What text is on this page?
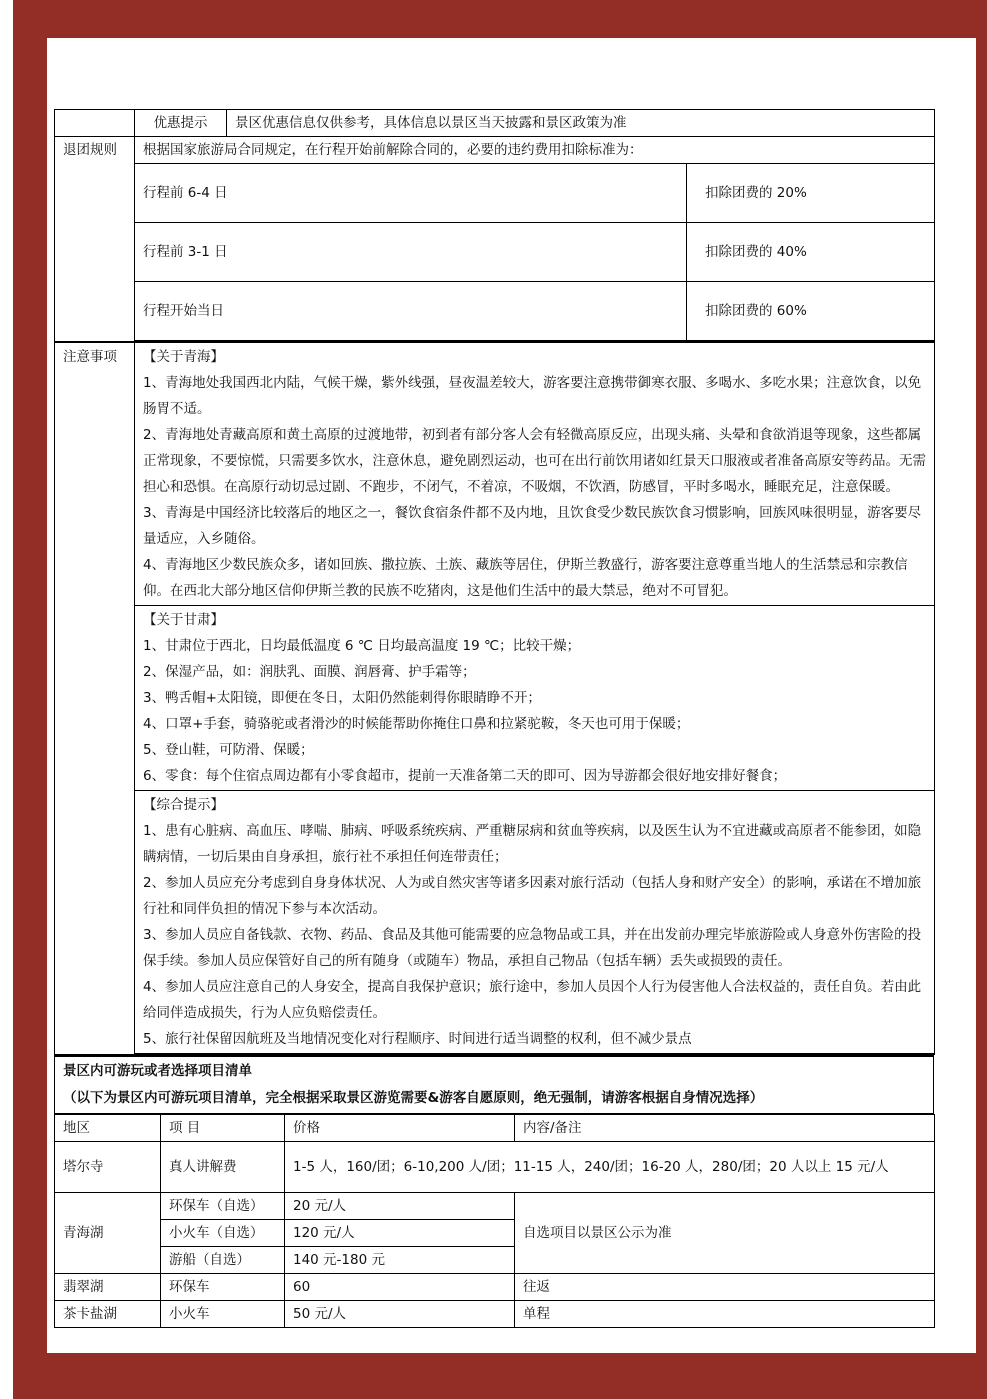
	优惠提示	景区优惠信息仅供参考，具体信息以景区当天披露和景区政策为准	
退团规则	根据国家旅游局合同规定，在行程开始前解除合同的，必要的违约费用扣除标准为：		
	行程前 6-4 日		扣除团费的 20%
	行程前 3-1 日		扣除团费的 40%
	行程开始当日		扣除团费的 60%
注意事项	【关于青海】

1、青海地处我国西北内陆，气候干燥，紫外线强，昼夜温差较大，游客要注意携带御寒衣服、多喝水、多吃水果；注意饮食，以免肠胃不适。

2、青海地处青藏高原和黄土高原的过渡地带，初到者有部分客人会有轻微高原反应，出现头痛、头晕和食欲消退等现象，这些都属正常现象，不要惊慌，只需要多饮水，注意休息，避免剧烈运动，也可在出行前饮用诸如红景天口服液或者准备高原安等药品。无需担心和恐惧。在高原行动切忌过剧、不跑步，不闭气，不着凉，不吸烟，不饮酒，防感冒，平时多喝水，睡眠充足，注意保暖。

3、青海是中国经济比较落后的地区之一，餐饮食宿条件都不及内地，且饮食受少数民族饮食习惯影响，回族风味很明显，游客要尽量适应，入乡随俗。

4、青海地区少数民族众多，诸如回族、撒拉族、土族、藏族等居住，伊斯兰教盛行，游客要注意尊重当地人的生活禁忌和宗教信仰。在西北大部分地区信仰伊斯兰教的民族不吃猪肉，这是他们生活中的最大禁忌，绝对不可冒犯。

【关于甘肃】

1、甘肃位于西北，日均最低温度 6 ℃ 日均最高温度 19 ℃；比较干燥；

2、保湿产品，如：润肤乳、面膜、润唇膏、护手霜等；

3、鸭舌帽+太阳镜，即便在冬日，太阳仍然能刺得你眼睛睁不开；

4、口罩+手套，骑骆驼或者滑沙的时候能帮助你掩住口鼻和拉紧驼鞍，冬天也可用于保暖；

5、登山鞋，可防滑、保暖；

6、零食：每个住宿点周边都有小零食超市，提前一天准备第二天的即可、因为导游都会很好地安排好餐食；

【综合提示】

1、患有心脏病、高血压、哮喘、肺病、呼吸系统疾病、严重糖尿病和贫血等疾病，以及医生认为不宜进藏或高原者不能参团，如隐瞒病情，一切后果由自身承担，旅行社不承担任何连带责任；

2、参加人员应充分考虑到自身身体状况、人为或自然灾害等诸多因素对旅行活动（包括人身和财产安全）的影响，承诺在不增加旅行社和同伴负担的情况下参与本次活动。

3、参加人员应自备钱款、衣物、药品、食品及其他可能需要的应急物品或工具，并在出发前办理完毕旅游险或人身意外伤害险的投保手续。参加人员应保管好自己的所有随身（或随车）物品，承担自己物品（包括车辆）丢失或损毁的责任。

4、参加人员应注意自己的人身安全，提高自我保护意识；旅行途中，参加人员因个人行为侵害他人合法权益的，责任自负。若由此给同伴造成损失，行为人应负赔偿责任。

5、旅行社保留因航班及当地情况变化对行程顺序、时间进行适当调整的权利，但不减少景点

景区内可游玩或者选择项目清单
（以下为景区内可游玩项目清单，完全根据采取景区游览需要&游客自愿原则，绝无强制，请游客根据自身情况选择）
地区	项 目	价格	内容/备注
塔尔寺	真人讲解费	1-5 人，160/团；6-10,200 人/团；11-15 人，240/团；16-20 人，280/团；20 人以上 15 元/人	
青海湖	环保车（自选）	20 元/人	自选项目以景区公示为准
	小火车（自选）	120 元/人	
	游船（自选）	140 元-180 元	
翡翠湖	环保车	60	往返
茶卡盐湖	小火车	50 元/人	单程
